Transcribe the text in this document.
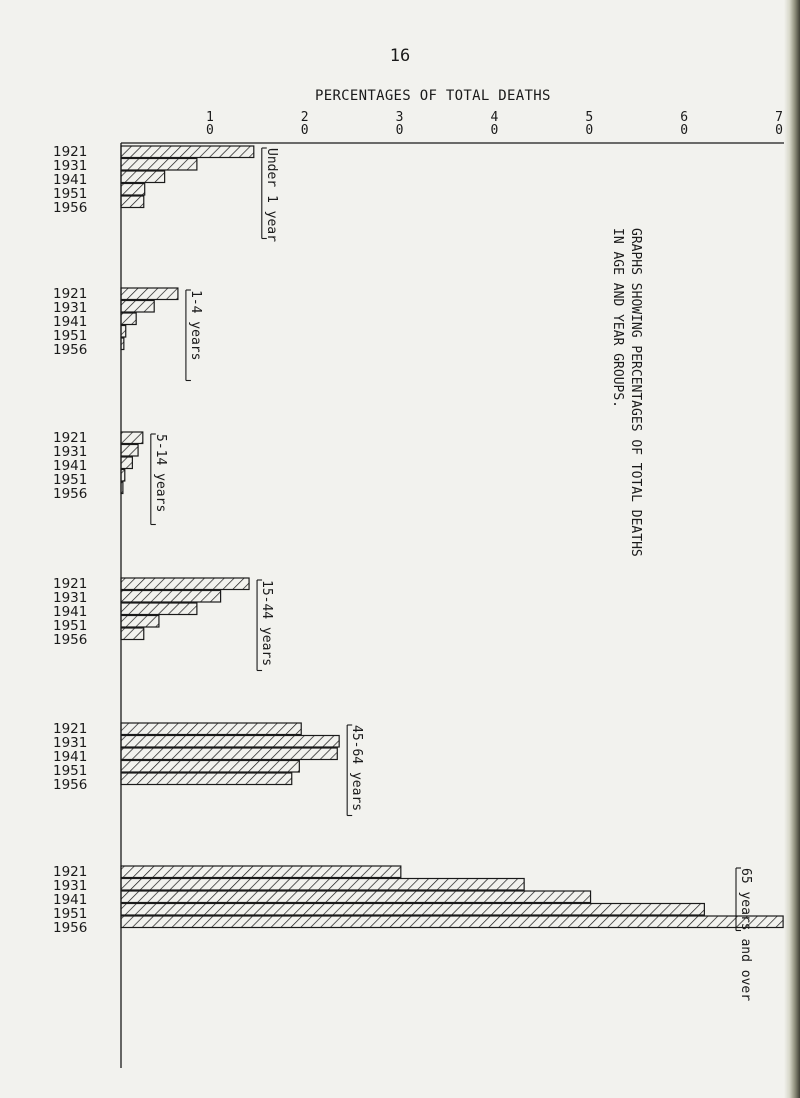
16
PERCENTAGES OF TOTAL DEATHS
1
0
2
0
3
0
4
0
5
0
6
0
7
0
1921
1931
1941
1951
1956	Under 1 year
1921
1931
1941
1951
1956	1-4 years
1921
1931
1941
1951
1956	5-14 years
1921
1931
1941
1951
1956	15-44 years
1921
1931
1941
1951
1956	45-64 years
1921
1931
1941
1951
1956	65 years and over
GRAPHS SHOWING PERCENTAGES OF TOTAL DEATHS
IN AGE AND YEAR GROUPS.
